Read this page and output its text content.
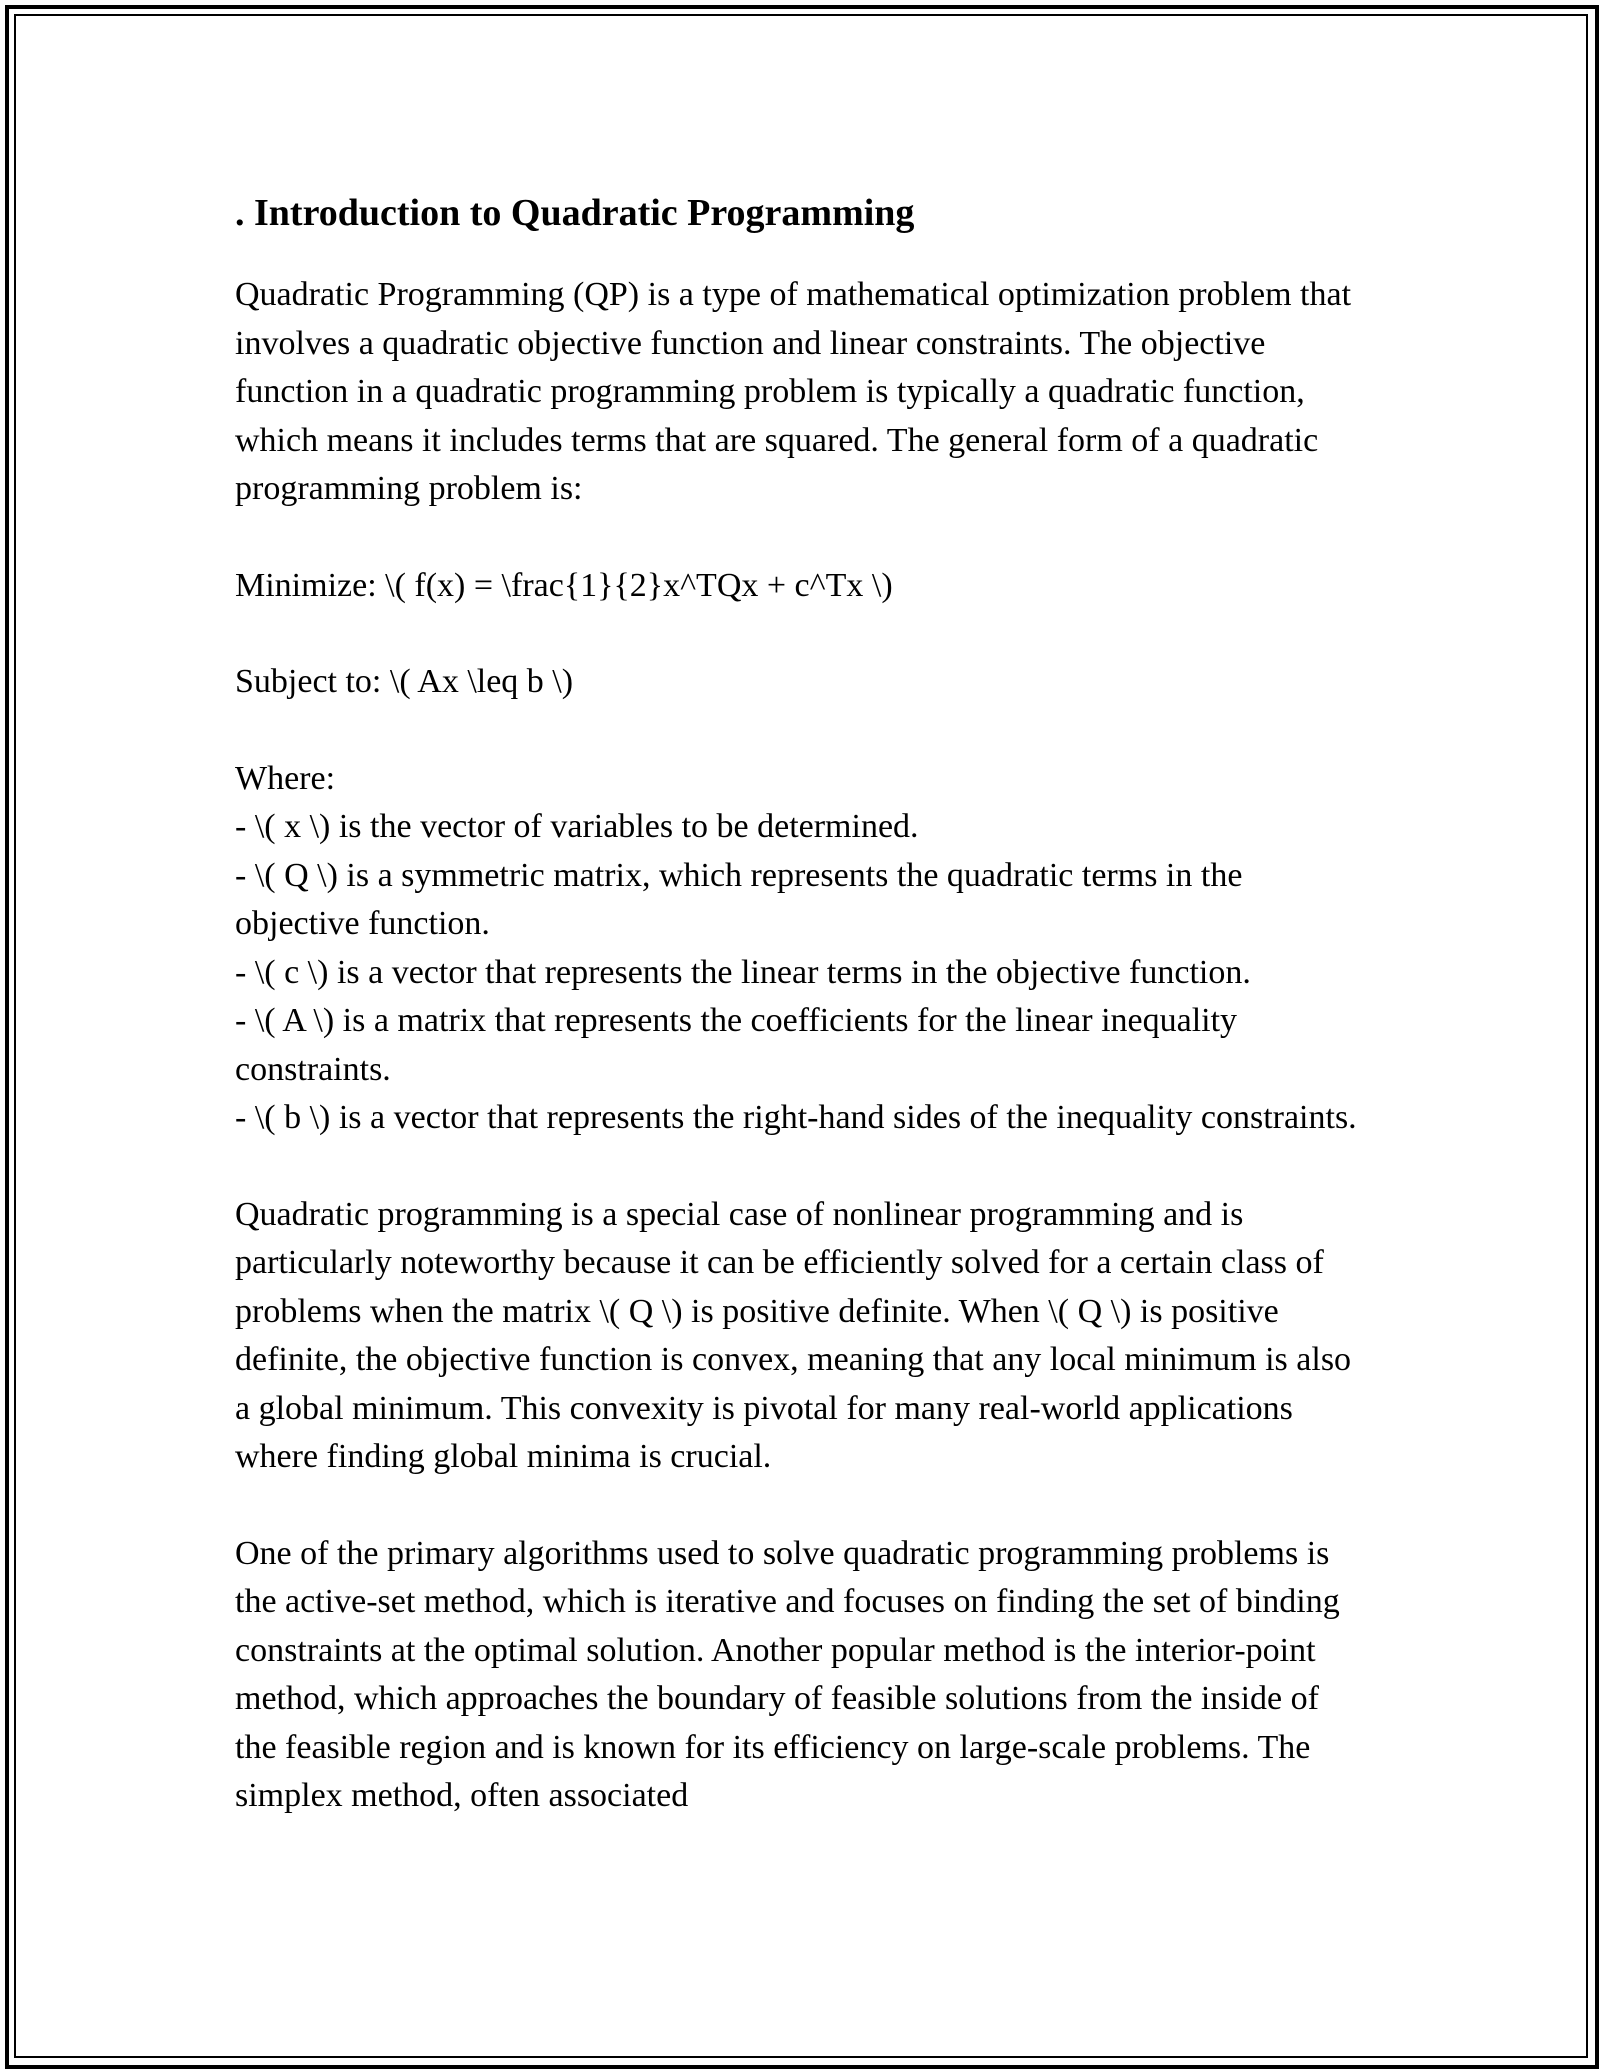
. Introduction to Quadratic Programming

Quadratic Programming (QP) is a type of mathematical optimization problem that involves a quadratic objective function and linear constraints. The objective function in a quadratic programming problem is typically a quadratic function, which means it includes terms that are squared. The general form of a quadratic programming problem is:

Minimize: \( f(x) = \frac{1}{2}x^TQx + c^Tx \)

Subject to: \( Ax \leq b \)

Where:
- \( x \) is the vector of variables to be determined.
- \( Q \) is a symmetric matrix, which represents the quadratic terms in the objective function.
- \( c \) is a vector that represents the linear terms in the objective function.
- \( A \) is a matrix that represents the coefficients for the linear inequality constraints.
- \( b \) is a vector that represents the right-hand sides of the inequality constraints.

Quadratic programming is a special case of nonlinear programming and is particularly noteworthy because it can be efficiently solved for a certain class of problems when the matrix \( Q \) is positive definite. When \( Q \) is positive definite, the objective function is convex, meaning that any local minimum is also a global minimum. This convexity is pivotal for many real-world applications where finding global minima is crucial.

One of the primary algorithms used to solve quadratic programming problems is the active-set method, which is iterative and focuses on finding the set of binding constraints at the optimal solution. Another popular method is the interior-point method, which approaches the boundary of feasible solutions from the inside of the feasible region and is known for its efficiency on large-scale problems. The simplex method, often associated
